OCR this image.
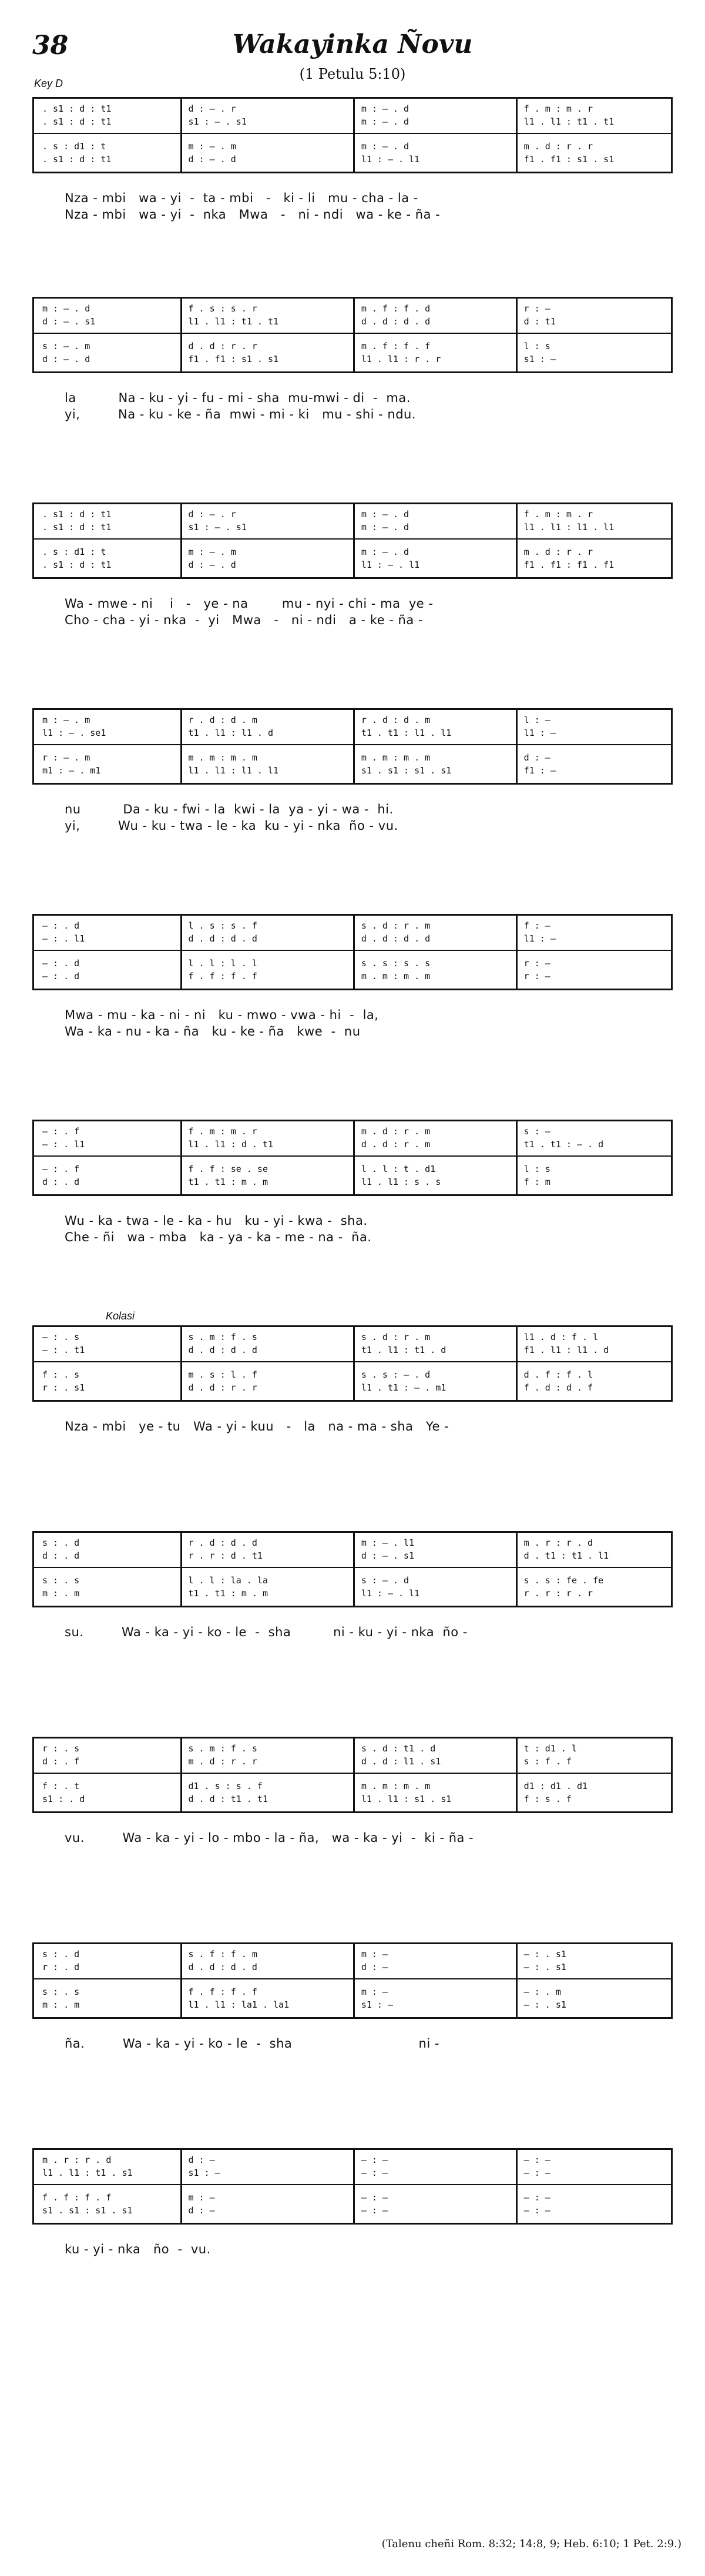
38	Wakayinka Ñovu
(1 Petulu 5:10)
Key D
Kolasi
. s1 : d : t1	d : – . r	m : – . d	f . m : m . r
. s1 : d : t1	s1 : – . s1	m : – . d	l1 . l1 : t1 . t1
. s : d1 : t	m : – . m	m : – . d	m . d : r . r
. s1 : d : t1	d : – . d	l1 : – . l1	f1 . f1 : s1 . s1
Nza - mbi   wa - yi  -  ta - mbi   -   ki - li   mu - cha - la -
Nza - mbi   wa - yi  -  nka   Mwa   -   ni - ndi   wa - ke - ña -
m : – . d	f . s : s . r	m . f : f . d	r : —
d : – . s1	l1 . l1 : t1 . t1	d . d : d . d	d : t1
s : – . m	d . d : r . r	m . f : f . f	l : s
d : – . d	f1 . f1 : s1 . s1	l1 . l1 : r . r	s1 : —
la          Na - ku - yi - fu - mi - sha  mu-mwi - di  -  ma.
yi,         Na - ku - ke - ña  mwi - mi - ki   mu - shi - ndu.
. s1 : d : t1	d : – . r	m : – . d	f . m : m . r
. s1 : d : t1	s1 : – . s1	m : – . d	l1 . l1 : l1 . l1
. s : d1 : t	m : – . m	m : – . d	m . d : r . r
. s1 : d : t1	d : – . d	l1 : – . l1	f1 . f1 : f1 . f1
Wa - mwe - ni    i   -   ye - na        mu - nyi - chi - ma  ye -
Cho - cha - yi - nka  -  yi   Mwa   -   ni - ndi   a - ke - ña -
m : – . m	r . d : d . m	r . d : d . m	l : —
l1 : – . se1	t1 . l1 : l1 . d	t1 . t1 : l1 . l1	l1 : —
r : – . m	m . m : m . m	m . m : m . m	d : —
m1 : – . m1	l1 . l1 : l1 . l1	s1 . s1 : s1 . s1	f1 : —
nu          Da - ku - fwi - la  kwi - la  ya - yi - wa -  hi.
yi,         Wu - ku - twa - le - ka  ku - yi - nka  ño - vu.
— : . d	l . s : s . f	s . d : r . m	f : —
— : . l1	d . d : d . d	d . d : d . d	l1 : —
— : . d	l . l : l . l	s . s : s . s	r : —
— : . d	f . f : f . f	m . m : m . m	r : —
Mwa - mu - ka - ni - ni   ku - mwo - vwa - hi  -  la,
Wa - ka - nu - ka - ña   ku - ke - ña   kwe  -  nu
— : . f	f . m : m . r	m . d : r . m	s : —
— : . l1	l1 . l1 : d . t1	d . d : r . m	t1 . t1 : – . d
— : . f	f . f : se . se	l . l : t . d1	l : s
d : . d	t1 . t1 : m . m	l1 . l1 : s . s	f : m
Wu - ka - twa - le - ka - hu   ku - yi - kwa -  sha.
Che - ñi   wa - mba   ka - ya - ka - me - na -  ña.
— : . s	s . m : f . s	s . d : r . m	l1 . d : f . l
— : . t1	d . d : d . d	t1 . l1 : t1 . d	f1 . l1 : l1 . d
f : . s	m . s : l . f	s . s : – . d	d . f : f . l
r : . s1	d . d : r . r	l1 . t1 : – . m1	f . d : d . f
Nza - mbi   ye - tu   Wa - yi - kuu   -   la   na - ma - sha   Ye -
s : . d	r . d : d . d	m : – . l1	m . r : r . d
d : . d	r . r : d . t1	d : – . s1	d . t1 : t1 . l1
s : . s	l . l : la . la	s : – . d	s . s : fe . fe
m : . m	t1 . t1 : m . m	l1 : – . l1	r . r : r . r
su.         Wa - ka - yi - ko - le  -  sha          ni - ku - yi - nka  ño -
r : . s	s . m : f . s	s . d : t1 . d	t : d1 . l
d : . f	m . d : r . r	d . d : l1 . s1	s : f . f
f : . t	d1 . s : s . f	m . m : m . m	d1 : d1 . d1
s1 : . d	d . d : t1 . t1	l1 . l1 : s1 . s1	f : s . f
vu.         Wa - ka - yi - lo - mbo - la - ña,   wa - ka - yi  -  ki - ña -
s : . d	s . f : f . m	m : —	— : . s1
r : . d	d . d : d . d	d : —	— : . s1
s : . s	f . f : f . f	m : —	— : . m
m : . m	l1 . l1 : la1 . la1	s1 : —	— : . s1
ña.         Wa - ka - yi - ko - le  -  sha                              ni -
m . r : r . d	d : —	— : —	— : —
l1 . l1 : t1 . s1	s1 : —	— : —	— : —
f . f : f . f	m : —	— : —	— : —
s1 . s1 : s1 . s1	d : —	— : —	— : —
ku - yi - nka   ño  -  vu.
(Talenu cheñi Rom. 8:32; 14:8, 9; Heb. 6:10; 1 Pet. 2:9.)
